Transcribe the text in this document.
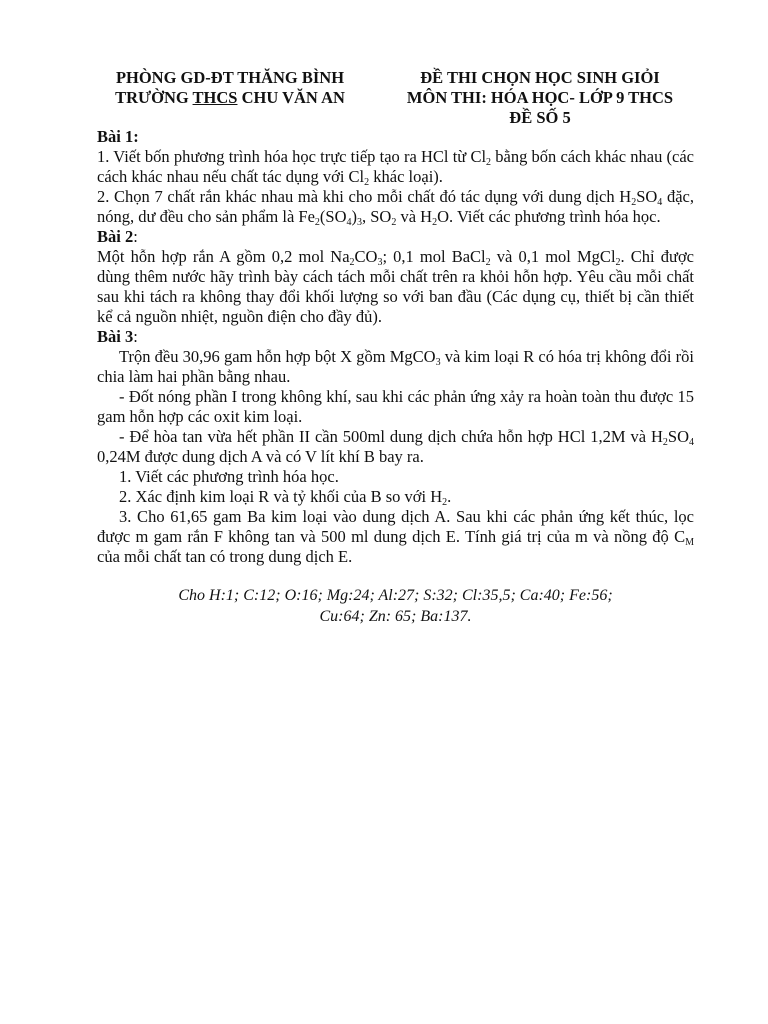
PHÒNG GD-ĐT THĂNG BÌNH
TRƯỜNG THCS CHU VĂN AN
ĐỀ THI CHỌN HỌC SINH GIỎI
MÔN THI: HÓA HỌC- LỚP 9 THCS
ĐỀ SỐ 5

Bài 1:

1. Viết bốn phương trình hóa học trực tiếp tạo ra HCl từ $Cl_2$ bằng bốn cách khác nhau (các cách khác nhau nếu chất tác dụng với $Cl_2$ khác loại).

2. Chọn 7 chất rắn khác nhau mà khi cho mỗi chất đó tác dụng với dung dịch $H_2SO_4$ đặc, nóng, dư đều cho sản phẩm là $Fe_2(SO_4)_3$, $SO_2$ và $H_2O$. Viết các phương trình hóa học.

Bài 2:

Một hỗn hợp rắn A gồm 0,2 mol $Na_2CO_3$; 0,1 mol BaCl$_2$ và 0,1 mol MgCl$_2$. Chỉ được dùng thêm nước hãy trình bày cách tách mỗi chất trên ra khỏi hỗn hợp. Yêu cầu mỗi chất sau khi tách ra không thay đổi khối lượng so với ban đầu (Các dụng cụ, thiết bị cần thiết kể cả nguồn nhiệt, nguồn điện cho đầy đủ).

Bài 3:

Trộn đều 30,96 gam hỗn hợp bột X gồm MgCO$_3$ và kim loại R có hóa trị không đổi rồi chia làm hai phần bằng nhau.

- Đốt nóng phần I trong không khí, sau khi các phản ứng xảy ra hoàn toàn thu được 15 gam hỗn hợp các oxit kim loại.

- Để hòa tan vừa hết phần II cần 500ml dung dịch chứa hỗn hợp HCl 1,2M và $H_2SO_4$ 0,24M được dung dịch A và có V lít khí B bay ra.

1. Viết các phương trình hóa học.

2. Xác định kim loại R và tỷ khối của B so với $H_2$.

3. Cho 61,65 gam Ba kim loại vào dung dịch A. Sau khi các phản ứng kết thúc, lọc được m gam rắn F không tan và 500 ml dung dịch E. Tính giá trị của m và nồng độ $C_M$ của mỗi chất tan có trong dung dịch E.

Cho H:1; C:12; O:16; Mg:24; Al:27; S:32; Cl:35,5; Ca:40; Fe:56;
Cu:64; Zn: 65; Ba:137.
